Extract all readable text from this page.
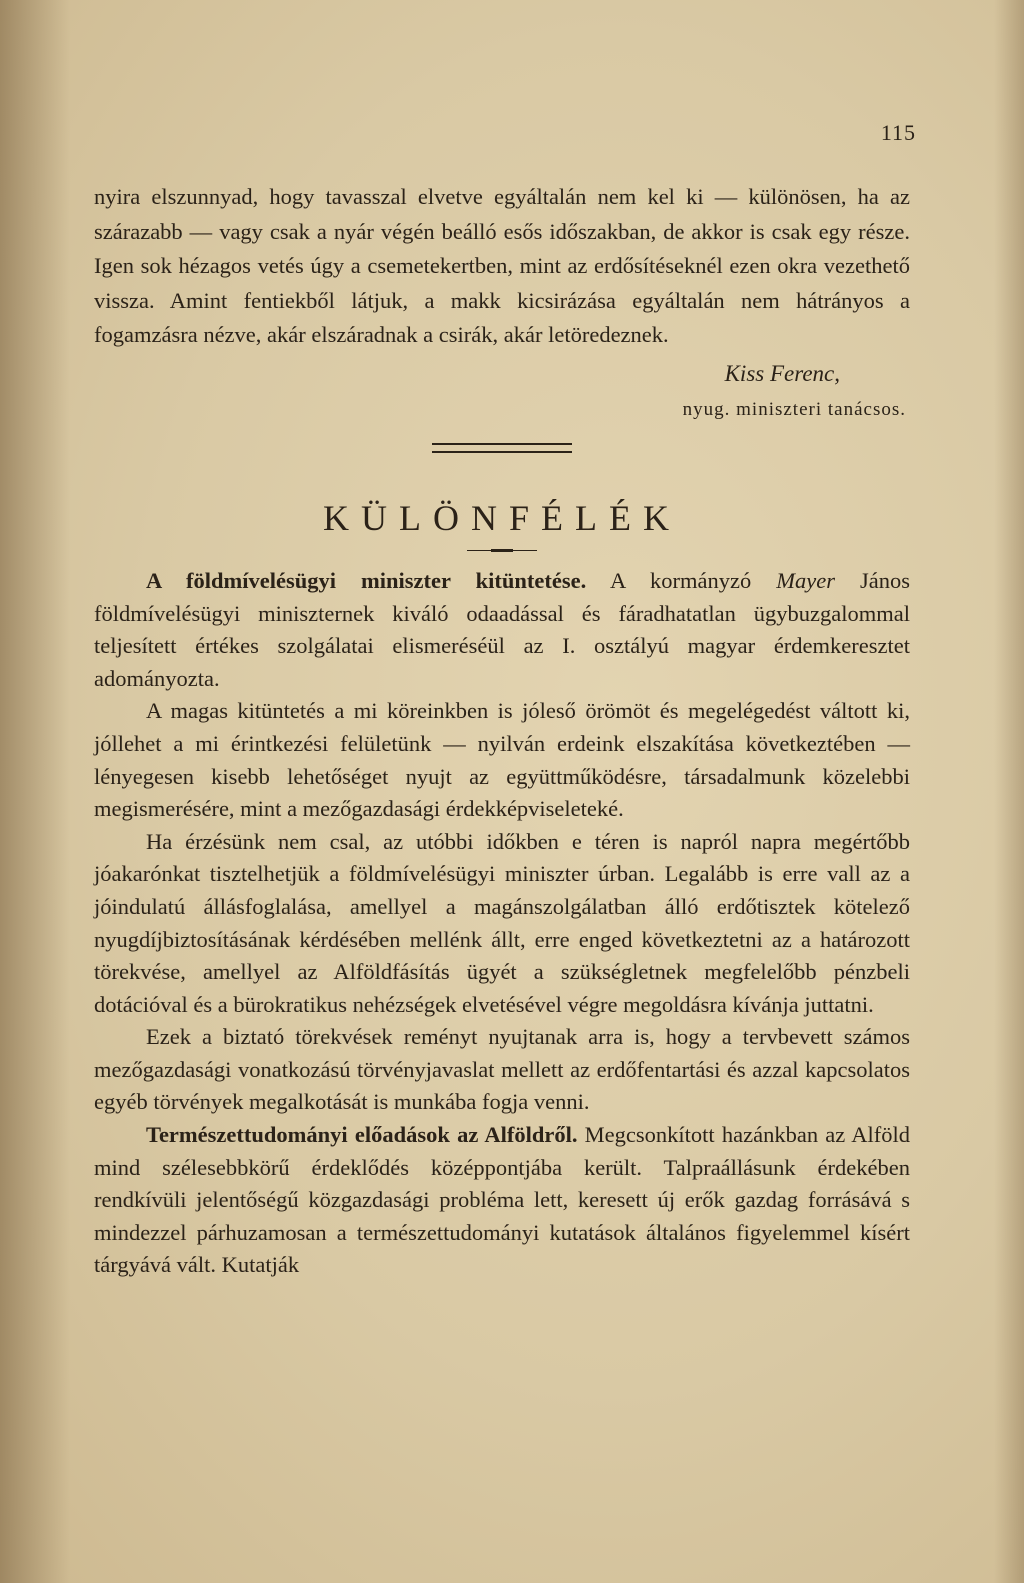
115

nyira elszunnyad, hogy tavasszal elvetve egyáltalán nem kel ki — különösen, ha az szárazabb — vagy csak a nyár végén beálló esős időszakban, de akkor is csak egy része. Igen sok hézagos vetés úgy a csemetekertben, mint az erdősítéseknél ezen okra vezethető vissza. Amint fentiekből látjuk, a makk kicsirázása egyáltalán nem hátrányos a fogamzásra nézve, akár elszáradnak a csirák, akár letöredeznek.

Kiss Ferenc,

nyug. miniszteri tanácsos.

KÜLÖNFÉLÉK

A földmívelésügyi miniszter kitüntetése. A kormányzó Mayer János földmívelésügyi miniszternek kiváló odaadással és fáradhatatlan ügybuzgalommal teljesített értékes szolgálatai elismeréséül az I. osztályú magyar érdemkeresztet adományozta.

A magas kitüntetés a mi köreinkben is jóleső örömöt és megelégedést váltott ki, jóllehet a mi érintkezési felületünk — nyilván erdeink elszakítása következtében — lényegesen kisebb lehetőséget nyujt az együttműködésre, társadalmunk közelebbi megismerésére, mint a mezőgazdasági érdekképviseleteké.

Ha érzésünk nem csal, az utóbbi időkben e téren is napról napra megértőbb jóakarónkat tisztelhetjük a földmívelésügyi miniszter úrban. Legalább is erre vall az a jóindulatú állásfoglalása, amellyel a magánszolgálatban álló erdőtisztek kötelező nyugdíjbiztosításának kérdésében mellénk állt, erre enged következtetni az a határozott törekvése, amellyel az Alföldfásítás ügyét a szükségletnek megfelelőbb pénzbeli dotációval és a bürokratikus nehézségek elvetésével végre megoldásra kívánja juttatni.

Ezek a biztató törekvések reményt nyujtanak arra is, hogy a tervbevett számos mezőgazdasági vonatkozású törvényjavaslat mellett az erdőfentartási és azzal kapcsolatos egyéb törvények megalkotását is munkába fogja venni.

Természettudományi előadások az Alföldről. Megcsonkított hazánkban az Alföld mind szélesebbkörű érdeklődés középpontjába került. Talpraállásunk érdekében rendkívüli jelentőségű közgazdasági probléma lett, keresett új erők gazdag forrásává s mindezzel párhuzamosan a természettudományi kutatások általános figyelemmel kísért tárgyává vált. Kutatják
